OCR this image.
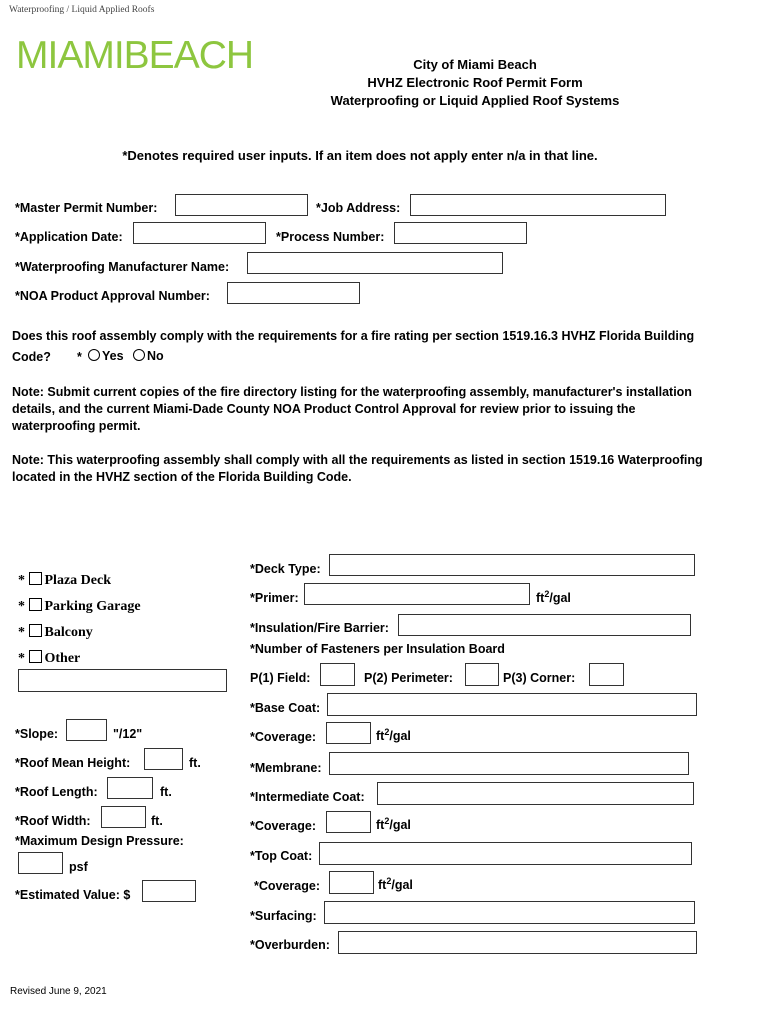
Waterproofing / Liquid Applied Roofs
MIAMIBEACH	City of Miami Beach
HVHZ Electronic Roof Permit Form
Waterproofing or Liquid Applied Roof Systems
*Denotes required user inputs. If an item does not apply enter n/a in that line.
*Master Permit Number:	*Job Address:
*Application Date:	*Process Number:
*Waterproofing Manufacturer Name:
*NOA Product Approval Number:
Does this roof assembly comply with the requirements for a fire rating per section 1519.16.3 HVHZ Florida Building
Code? *	Yes	No
Note: Submit current copies of the fire directory listing for the waterproofing assembly, manufacturer's installation
details, and the current Miami-Dade County NOA Product Control Approval for review prior to issuing the
waterproofing permit.
Note: This waterproofing assembly shall comply with all the requirements as listed in section 1519.16 Waterproofing
located in the HVHZ section of the Florida Building Code.
* Plaza Deck
* Parking Garage
* Balcony
* Other
*Slope:	"/12"
*Roof Mean Height:	ft.
*Roof Length:	ft.
*Roof Width:	ft.
*Maximum Design Pressure:
psf
*Estimated Value: $
*Deck Type:
*Primer:	$ft^2$/gal
*Insulation/Fire Barrier:
*Number of Fasteners per Insulation Board
P(1) Field:	P(2) Perimeter:	P(3) Corner:
*Base Coat:
*Coverage:	$ft^2$/gal
*Membrane:
*Intermediate Coat:
*Coverage:	$ft^2$/gal
*Top Coat:
*Coverage:	$ft^2$/gal
*Surfacing:
*Overburden:
Revised June 9, 2021
